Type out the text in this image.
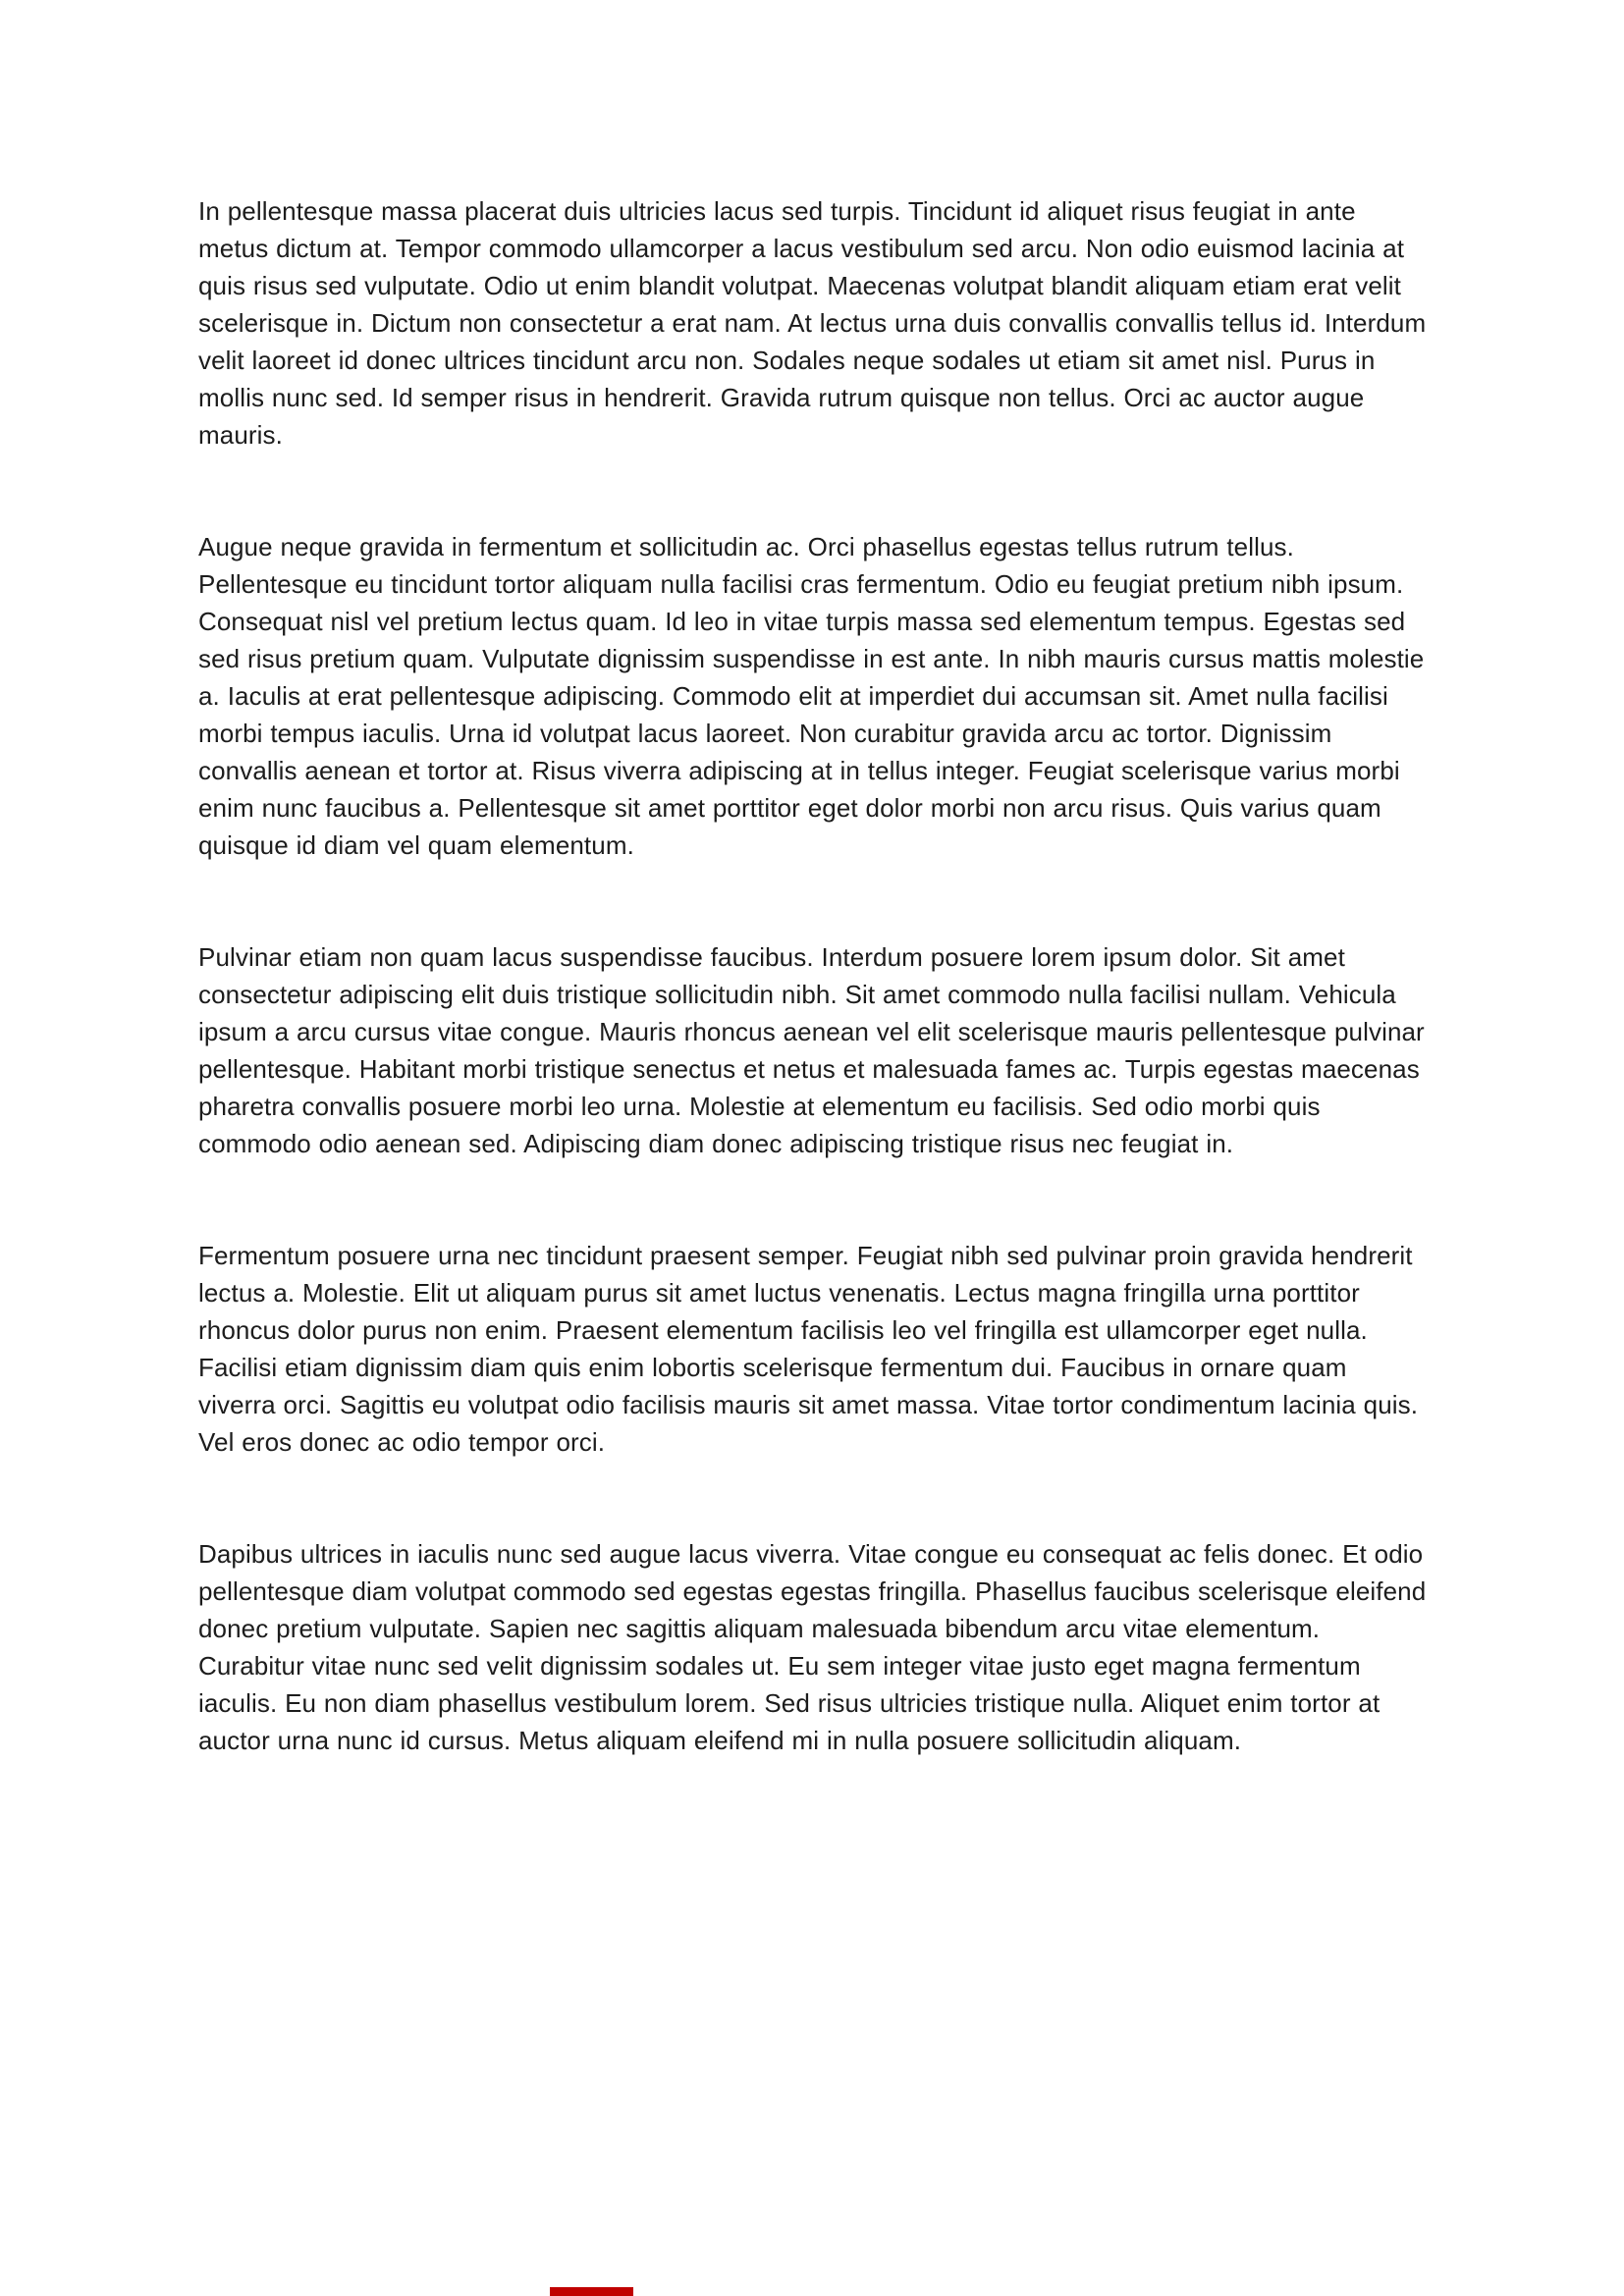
In pellentesque massa placerat duis ultricies lacus sed turpis. Tincidunt id aliquet risus feugiat in ante metus dictum at. Tempor commodo ullamcorper a lacus vestibulum sed arcu. Non odio euismod lacinia at quis risus sed vulputate. Odio ut enim blandit volutpat. Maecenas volutpat blandit aliquam etiam erat velit scelerisque in. Dictum non consectetur a erat nam. At lectus urna duis convallis convallis tellus id. Interdum velit laoreet id donec ultrices tincidunt arcu non. Sodales neque sodales ut etiam sit amet nisl. Purus in mollis nunc sed. Id semper risus in hendrerit. Gravida rutrum quisque non tellus. Orci ac auctor augue mauris.

Augue neque gravida in fermentum et sollicitudin ac. Orci phasellus egestas tellus rutrum tellus. Pellentesque eu tincidunt tortor aliquam nulla facilisi cras fermentum. Odio eu feugiat pretium nibh ipsum. Consequat nisl vel pretium lectus quam. Id leo in vitae turpis massa sed elementum tempus. Egestas sed sed risus pretium quam. Vulputate dignissim suspendisse in est ante. In nibh mauris cursus mattis molestie a. Iaculis at erat pellentesque adipiscing. Commodo elit at imperdiet dui accumsan sit. Amet nulla facilisi morbi tempus iaculis. Urna id volutpat lacus laoreet. Non curabitur gravida arcu ac tortor. Dignissim convallis aenean et tortor at. Risus viverra adipiscing at in tellus integer. Feugiat scelerisque varius morbi enim nunc faucibus a. Pellentesque sit amet porttitor eget dolor morbi non arcu risus. Quis varius quam quisque id diam vel quam elementum.

Pulvinar etiam non quam lacus suspendisse faucibus. Interdum posuere lorem ipsum dolor. Sit amet consectetur adipiscing elit duis tristique sollicitudin nibh. Sit amet commodo nulla facilisi nullam. Vehicula ipsum a arcu cursus vitae congue. Mauris rhoncus aenean vel elit scelerisque mauris pellentesque pulvinar pellentesque. Habitant morbi tristique senectus et netus et malesuada fames ac. Turpis egestas maecenas pharetra convallis posuere morbi leo urna. Molestie at elementum eu facilisis. Sed odio morbi quis commodo odio aenean sed. Adipiscing diam donec adipiscing tristique risus nec feugiat in.

Fermentum posuere urna nec tincidunt praesent semper. Feugiat nibh sed pulvinar proin gravida hendrerit lectus a. Molestie. Elit ut aliquam purus sit amet luctus venenatis. Lectus magna fringilla urna porttitor rhoncus dolor purus non enim. Praesent elementum facilisis leo vel fringilla est ullamcorper eget nulla. Facilisi etiam dignissim diam quis enim lobortis scelerisque fermentum dui. Faucibus in ornare quam viverra orci. Sagittis eu volutpat odio facilisis mauris sit amet massa. Vitae tortor condimentum lacinia quis. Vel eros donec ac odio tempor orci.

Dapibus ultrices in iaculis nunc sed augue lacus viverra. Vitae congue eu consequat ac felis donec. Et odio pellentesque diam volutpat commodo sed egestas egestas fringilla. Phasellus faucibus scelerisque eleifend donec pretium vulputate. Sapien nec sagittis aliquam malesuada bibendum arcu vitae elementum. Curabitur vitae nunc sed velit dignissim sodales ut. Eu sem integer vitae justo eget magna fermentum iaculis. Eu non diam phasellus vestibulum lorem. Sed risus ultricies tristique nulla. Aliquet enim tortor at auctor urna nunc id cursus. Metus aliquam eleifend mi in nulla posuere sollicitudin aliquam.
